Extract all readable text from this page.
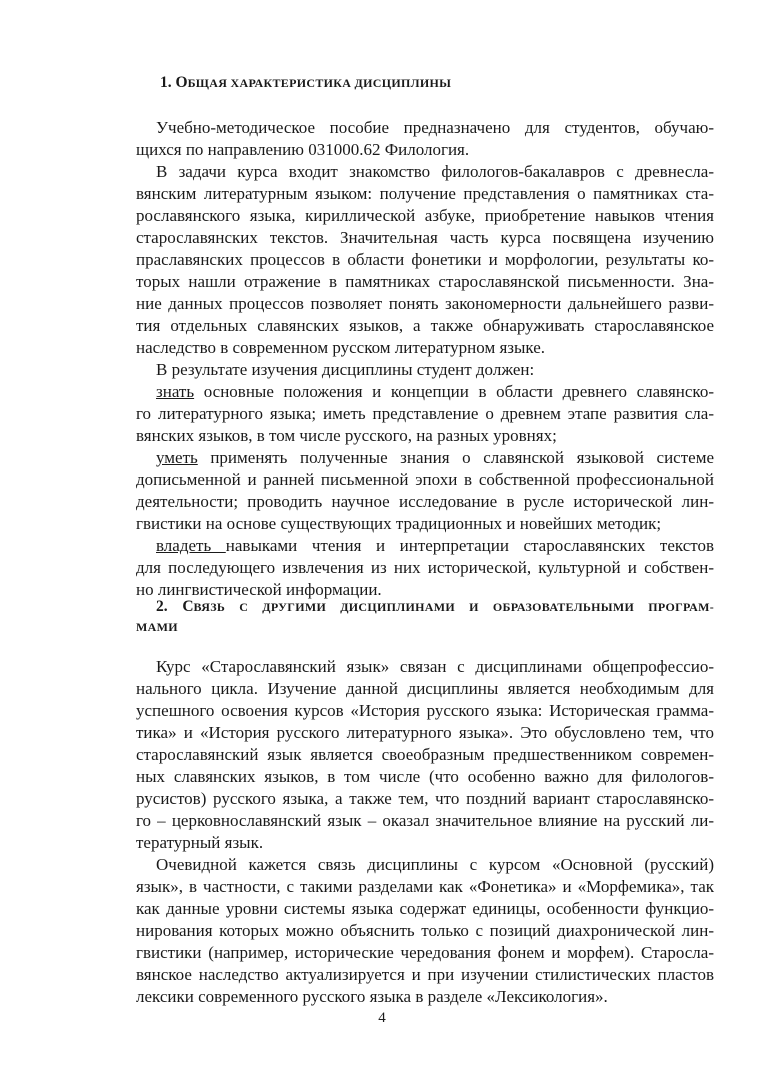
1. ОБЩАЯ ХАРАКТЕРИСТИКА ДИСЦИПЛИНЫ
Учебно-методическое пособие предназначено для студентов, обучаю-
щихся по направлению 031000.62 Филология.
В задачи курса входит знакомство филологов-бакалавров с древнесла-
вянским литературным языком: получение представления о памятниках ста-
рославянского языка, кириллической азбуке, приобретение навыков чтения
старославянских текстов. Значительная часть курса посвящена изучению
праславянских процессов в области фонетики и морфологии, результаты ко-
торых нашли отражение в памятниках старославянской письменности. Зна-
ние данных процессов позволяет понять закономерности дальнейшего разви-
тия отдельных славянских языков, а также обнаруживать старославянское
наследство в современном русском литературном языке.
В результате изучения дисциплины студент должен:
знать основные положения и концепции в области древнего славянско-
го литературного языка; иметь представление о древнем этапе развития сла-
вянских языков, в том числе русского, на разных уровнях;
уметь применять полученные знания о славянской языковой системе
дописьменной и ранней письменной эпохи в собственной профессиональной
деятельности; проводить научное исследование в русле исторической лин-
гвистики на основе существующих традиционных и новейших методик;
владеть навыками чтения и интерпретации старославянских текстов
для последующего извлечения из них исторической, культурной и собствен-
но лингвистической информации.
2. СВЯЗЬ С ДРУГИМИ ДИСЦИПЛИНАМИ И ОБРАЗОВАТЕЛЬНЫМИ ПРОГРАМ-
МАМИ
Курс «Старославянский язык» связан с дисциплинами общепрофессио-
нального цикла. Изучение данной дисциплины является необходимым для
успешного освоения курсов «История русского языка: Историческая грамма-
тика» и «История русского литературного языка». Это обусловлено тем, что
старославянский язык является своеобразным предшественником современ-
ных славянских языков, в том числе (что особенно важно для филологов-
русистов) русского языка, а также тем, что поздний вариант старославянско-
го – церковнославянский язык – оказал значительное влияние на русский ли-
тературный язык.
Очевидной кажется связь дисциплины с курсом «Основной (русский)
язык», в частности, с такими разделами как «Фонетика» и «Морфемика», так
как данные уровни системы языка содержат единицы, особенности функцио-
нирования которых можно объяснить только с позиций диахронической лин-
гвистики (например, исторические чередования фонем и морфем). Старосла-
вянское наследство актуализируется и при изучении стилистических пластов
лексики современного русского языка в разделе «Лексикология».
4
